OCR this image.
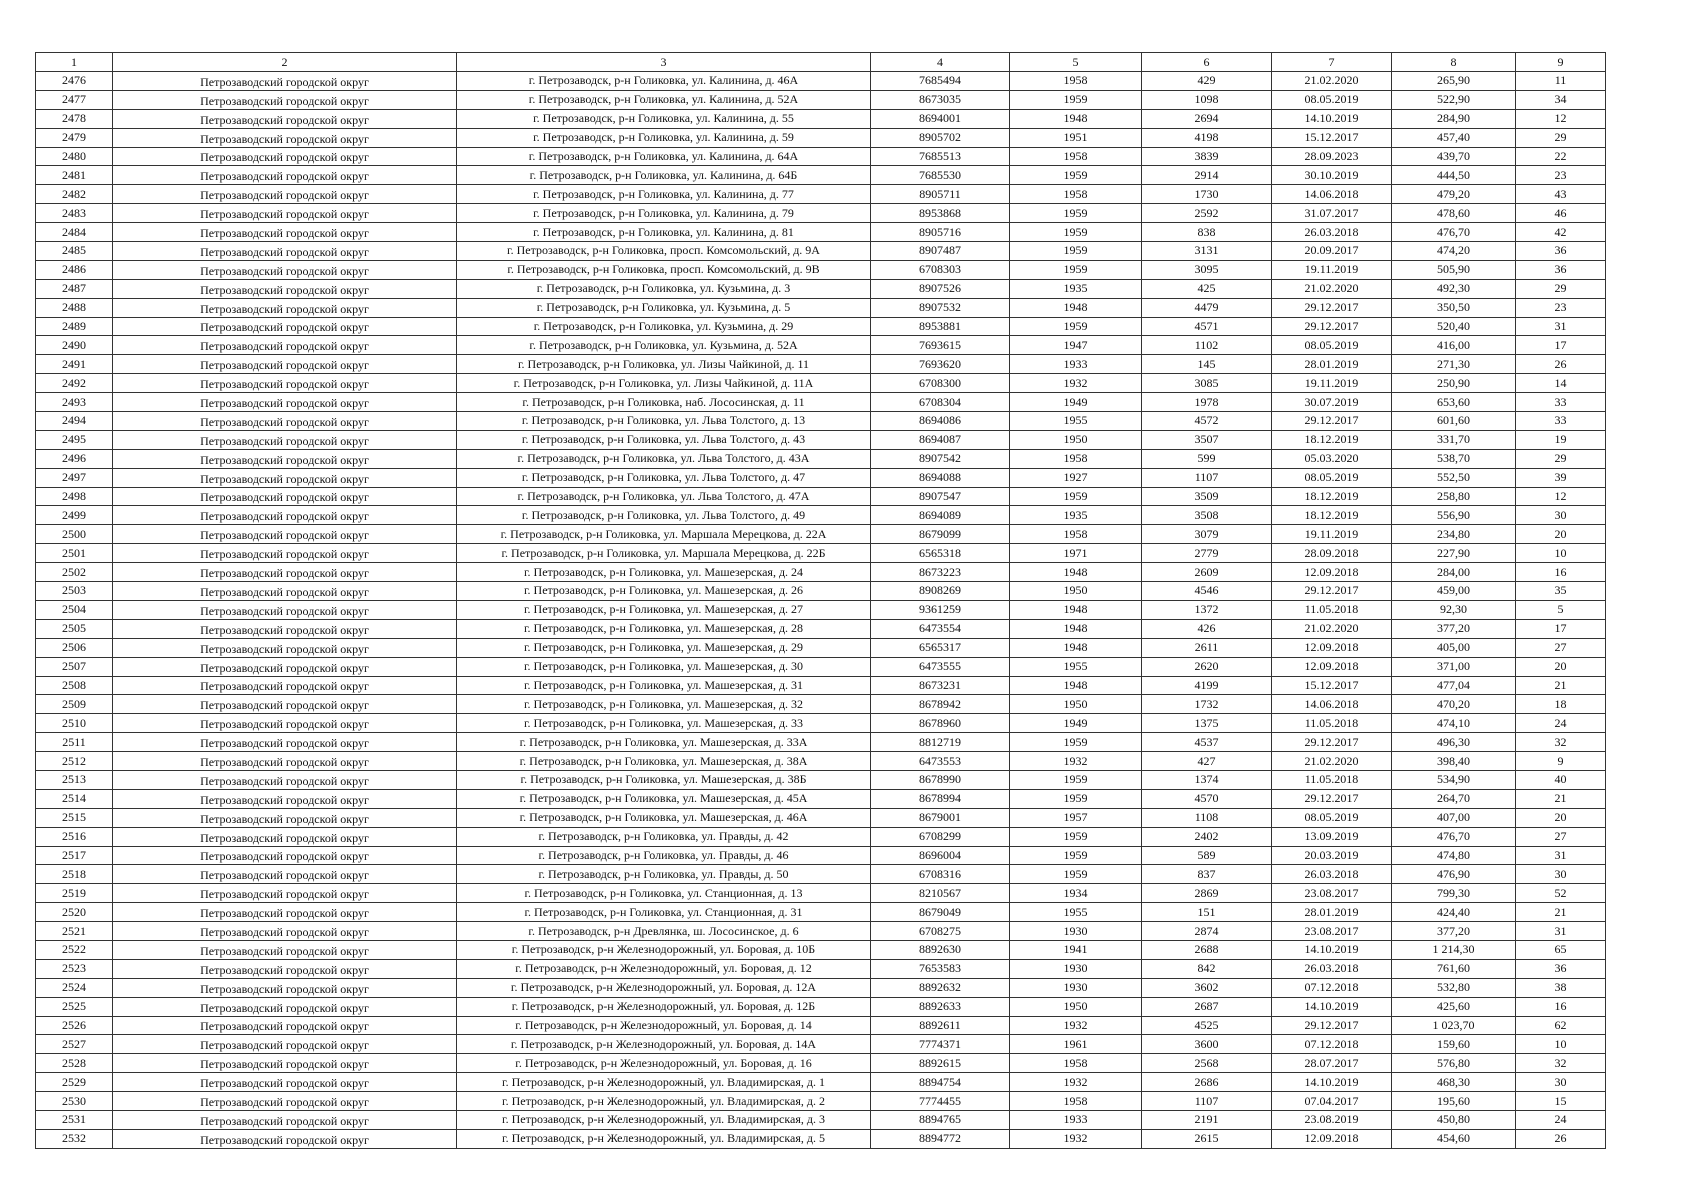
1	2	3	4	5	6	7	8	9
2476	Петрозаводский городской округ	г. Петрозаводск, р-н Голиковка, ул. Калинина, д. 46А	7685494	1958	429	21.02.2020	265,90	11
2477	Петрозаводский городской округ	г. Петрозаводск, р-н Голиковка, ул. Калинина, д. 52А	8673035	1959	1098	08.05.2019	522,90	34
2478	Петрозаводский городской округ	г. Петрозаводск, р-н Голиковка, ул. Калинина, д. 55	8694001	1948	2694	14.10.2019	284,90	12
2479	Петрозаводский городской округ	г. Петрозаводск, р-н Голиковка, ул. Калинина, д. 59	8905702	1951	4198	15.12.2017	457,40	29
2480	Петрозаводский городской округ	г. Петрозаводск, р-н Голиковка, ул. Калинина, д. 64А	7685513	1958	3839	28.09.2023	439,70	22
2481	Петрозаводский городской округ	г. Петрозаводск, р-н Голиковка, ул. Калинина, д. 64Б	7685530	1959	2914	30.10.2019	444,50	23
2482	Петрозаводский городской округ	г. Петрозаводск, р-н Голиковка, ул. Калинина, д. 77	8905711	1958	1730	14.06.2018	479,20	43
2483	Петрозаводский городской округ	г. Петрозаводск, р-н Голиковка, ул. Калинина, д. 79	8953868	1959	2592	31.07.2017	478,60	46
2484	Петрозаводский городской округ	г. Петрозаводск, р-н Голиковка, ул. Калинина, д. 81	8905716	1959	838	26.03.2018	476,70	42
2485	Петрозаводский городской округ	г. Петрозаводск, р-н Голиковка, просп. Комсомольский, д. 9А	8907487	1959	3131	20.09.2017	474,20	36
2486	Петрозаводский городской округ	г. Петрозаводск, р-н Голиковка, просп. Комсомольский, д. 9В	6708303	1959	3095	19.11.2019	505,90	36
2487	Петрозаводский городской округ	г. Петрозаводск, р-н Голиковка, ул. Кузьмина, д. 3	8907526	1935	425	21.02.2020	492,30	29
2488	Петрозаводский городской округ	г. Петрозаводск, р-н Голиковка, ул. Кузьмина, д. 5	8907532	1948	4479	29.12.2017	350,50	23
2489	Петрозаводский городской округ	г. Петрозаводск, р-н Голиковка, ул. Кузьмина, д. 29	8953881	1959	4571	29.12.2017	520,40	31
2490	Петрозаводский городской округ	г. Петрозаводск, р-н Голиковка, ул. Кузьмина, д. 52А	7693615	1947	1102	08.05.2019	416,00	17
2491	Петрозаводский городской округ	г. Петрозаводск, р-н Голиковка, ул. Лизы Чайкиной, д. 11	7693620	1933	145	28.01.2019	271,30	26
2492	Петрозаводский городской округ	г. Петрозаводск, р-н Голиковка, ул. Лизы Чайкиной, д. 11А	6708300	1932	3085	19.11.2019	250,90	14
2493	Петрозаводский городской округ	г. Петрозаводск, р-н Голиковка, наб. Лососинская, д. 11	6708304	1949	1978	30.07.2019	653,60	33
2494	Петрозаводский городской округ	г. Петрозаводск, р-н Голиковка, ул. Льва Толстого, д. 13	8694086	1955	4572	29.12.2017	601,60	33
2495	Петрозаводский городской округ	г. Петрозаводск, р-н Голиковка, ул. Льва Толстого, д. 43	8694087	1950	3507	18.12.2019	331,70	19
2496	Петрозаводский городской округ	г. Петрозаводск, р-н Голиковка, ул. Льва Толстого, д. 43А	8907542	1958	599	05.03.2020	538,70	29
2497	Петрозаводский городской округ	г. Петрозаводск, р-н Голиковка, ул. Льва Толстого, д. 47	8694088	1927	1107	08.05.2019	552,50	39
2498	Петрозаводский городской округ	г. Петрозаводск, р-н Голиковка, ул. Льва Толстого, д. 47А	8907547	1959	3509	18.12.2019	258,80	12
2499	Петрозаводский городской округ	г. Петрозаводск, р-н Голиковка, ул. Льва Толстого, д. 49	8694089	1935	3508	18.12.2019	556,90	30
2500	Петрозаводский городской округ	г. Петрозаводск, р-н Голиковка, ул. Маршала Мерецкова, д. 22А	8679099	1958	3079	19.11.2019	234,80	20
2501	Петрозаводский городской округ	г. Петрозаводск, р-н Голиковка, ул. Маршала Мерецкова, д. 22Б	6565318	1971	2779	28.09.2018	227,90	10
2502	Петрозаводский городской округ	г. Петрозаводск, р-н Голиковка, ул. Машезерская, д. 24	8673223	1948	2609	12.09.2018	284,00	16
2503	Петрозаводский городской округ	г. Петрозаводск, р-н Голиковка, ул. Машезерская, д. 26	8908269	1950	4546	29.12.2017	459,00	35
2504	Петрозаводский городской округ	г. Петрозаводск, р-н Голиковка, ул. Машезерская, д. 27	9361259	1948	1372	11.05.2018	92,30	5
2505	Петрозаводский городской округ	г. Петрозаводск, р-н Голиковка, ул. Машезерская, д. 28	6473554	1948	426	21.02.2020	377,20	17
2506	Петрозаводский городской округ	г. Петрозаводск, р-н Голиковка, ул. Машезерская, д. 29	6565317	1948	2611	12.09.2018	405,00	27
2507	Петрозаводский городской округ	г. Петрозаводск, р-н Голиковка, ул. Машезерская, д. 30	6473555	1955	2620	12.09.2018	371,00	20
2508	Петрозаводский городской округ	г. Петрозаводск, р-н Голиковка, ул. Машезерская, д. 31	8673231	1948	4199	15.12.2017	477,04	21
2509	Петрозаводский городской округ	г. Петрозаводск, р-н Голиковка, ул. Машезерская, д. 32	8678942	1950	1732	14.06.2018	470,20	18
2510	Петрозаводский городской округ	г. Петрозаводск, р-н Голиковка, ул. Машезерская, д. 33	8678960	1949	1375	11.05.2018	474,10	24
2511	Петрозаводский городской округ	г. Петрозаводск, р-н Голиковка, ул. Машезерская, д. 33А	8812719	1959	4537	29.12.2017	496,30	32
2512	Петрозаводский городской округ	г. Петрозаводск, р-н Голиковка, ул. Машезерская, д. 38А	6473553	1932	427	21.02.2020	398,40	9
2513	Петрозаводский городской округ	г. Петрозаводск, р-н Голиковка, ул. Машезерская, д. 38Б	8678990	1959	1374	11.05.2018	534,90	40
2514	Петрозаводский городской округ	г. Петрозаводск, р-н Голиковка, ул. Машезерская, д. 45А	8678994	1959	4570	29.12.2017	264,70	21
2515	Петрозаводский городской округ	г. Петрозаводск, р-н Голиковка, ул. Машезерская, д. 46А	8679001	1957	1108	08.05.2019	407,00	20
2516	Петрозаводский городской округ	г. Петрозаводск, р-н Голиковка, ул. Правды, д. 42	6708299	1959	2402	13.09.2019	476,70	27
2517	Петрозаводский городской округ	г. Петрозаводск, р-н Голиковка, ул. Правды, д. 46	8696004	1959	589	20.03.2019	474,80	31
2518	Петрозаводский городской округ	г. Петрозаводск, р-н Голиковка, ул. Правды, д. 50	6708316	1959	837	26.03.2018	476,90	30
2519	Петрозаводский городской округ	г. Петрозаводск, р-н Голиковка, ул. Станционная, д. 13	8210567	1934	2869	23.08.2017	799,30	52
2520	Петрозаводский городской округ	г. Петрозаводск, р-н Голиковка, ул. Станционная, д. 31	8679049	1955	151	28.01.2019	424,40	21
2521	Петрозаводский городской округ	г. Петрозаводск, р-н Древлянка, ш. Лососинское, д. 6	6708275	1930	2874	23.08.2017	377,20	31
2522	Петрозаводский городской округ	г. Петрозаводск, р-н Железнодорожный, ул. Боровая, д. 10Б	8892630	1941	2688	14.10.2019	1 214,30	65
2523	Петрозаводский городской округ	г. Петрозаводск, р-н Железнодорожный, ул. Боровая, д. 12	7653583	1930	842	26.03.2018	761,60	36
2524	Петрозаводский городской округ	г. Петрозаводск, р-н Железнодорожный, ул. Боровая, д. 12А	8892632	1930	3602	07.12.2018	532,80	38
2525	Петрозаводский городской округ	г. Петрозаводск, р-н Железнодорожный, ул. Боровая, д. 12Б	8892633	1950	2687	14.10.2019	425,60	16
2526	Петрозаводский городской округ	г. Петрозаводск, р-н Железнодорожный, ул. Боровая, д. 14	8892611	1932	4525	29.12.2017	1 023,70	62
2527	Петрозаводский городской округ	г. Петрозаводск, р-н Железнодорожный, ул. Боровая, д. 14А	7774371	1961	3600	07.12.2018	159,60	10
2528	Петрозаводский городской округ	г. Петрозаводск, р-н Железнодорожный, ул. Боровая, д. 16	8892615	1958	2568	28.07.2017	576,80	32
2529	Петрозаводский городской округ	г. Петрозаводск, р-н Железнодорожный, ул. Владимирская, д. 1	8894754	1932	2686	14.10.2019	468,30	30
2530	Петрозаводский городской округ	г. Петрозаводск, р-н Железнодорожный, ул. Владимирская, д. 2	7774455	1958	1107	07.04.2017	195,60	15
2531	Петрозаводский городской округ	г. Петрозаводск, р-н Железнодорожный, ул. Владимирская, д. 3	8894765	1933	2191	23.08.2019	450,80	24
2532	Петрозаводский городской округ	г. Петрозаводск, р-н Железнодорожный, ул. Владимирская, д. 5	8894772	1932	2615	12.09.2018	454,60	26
